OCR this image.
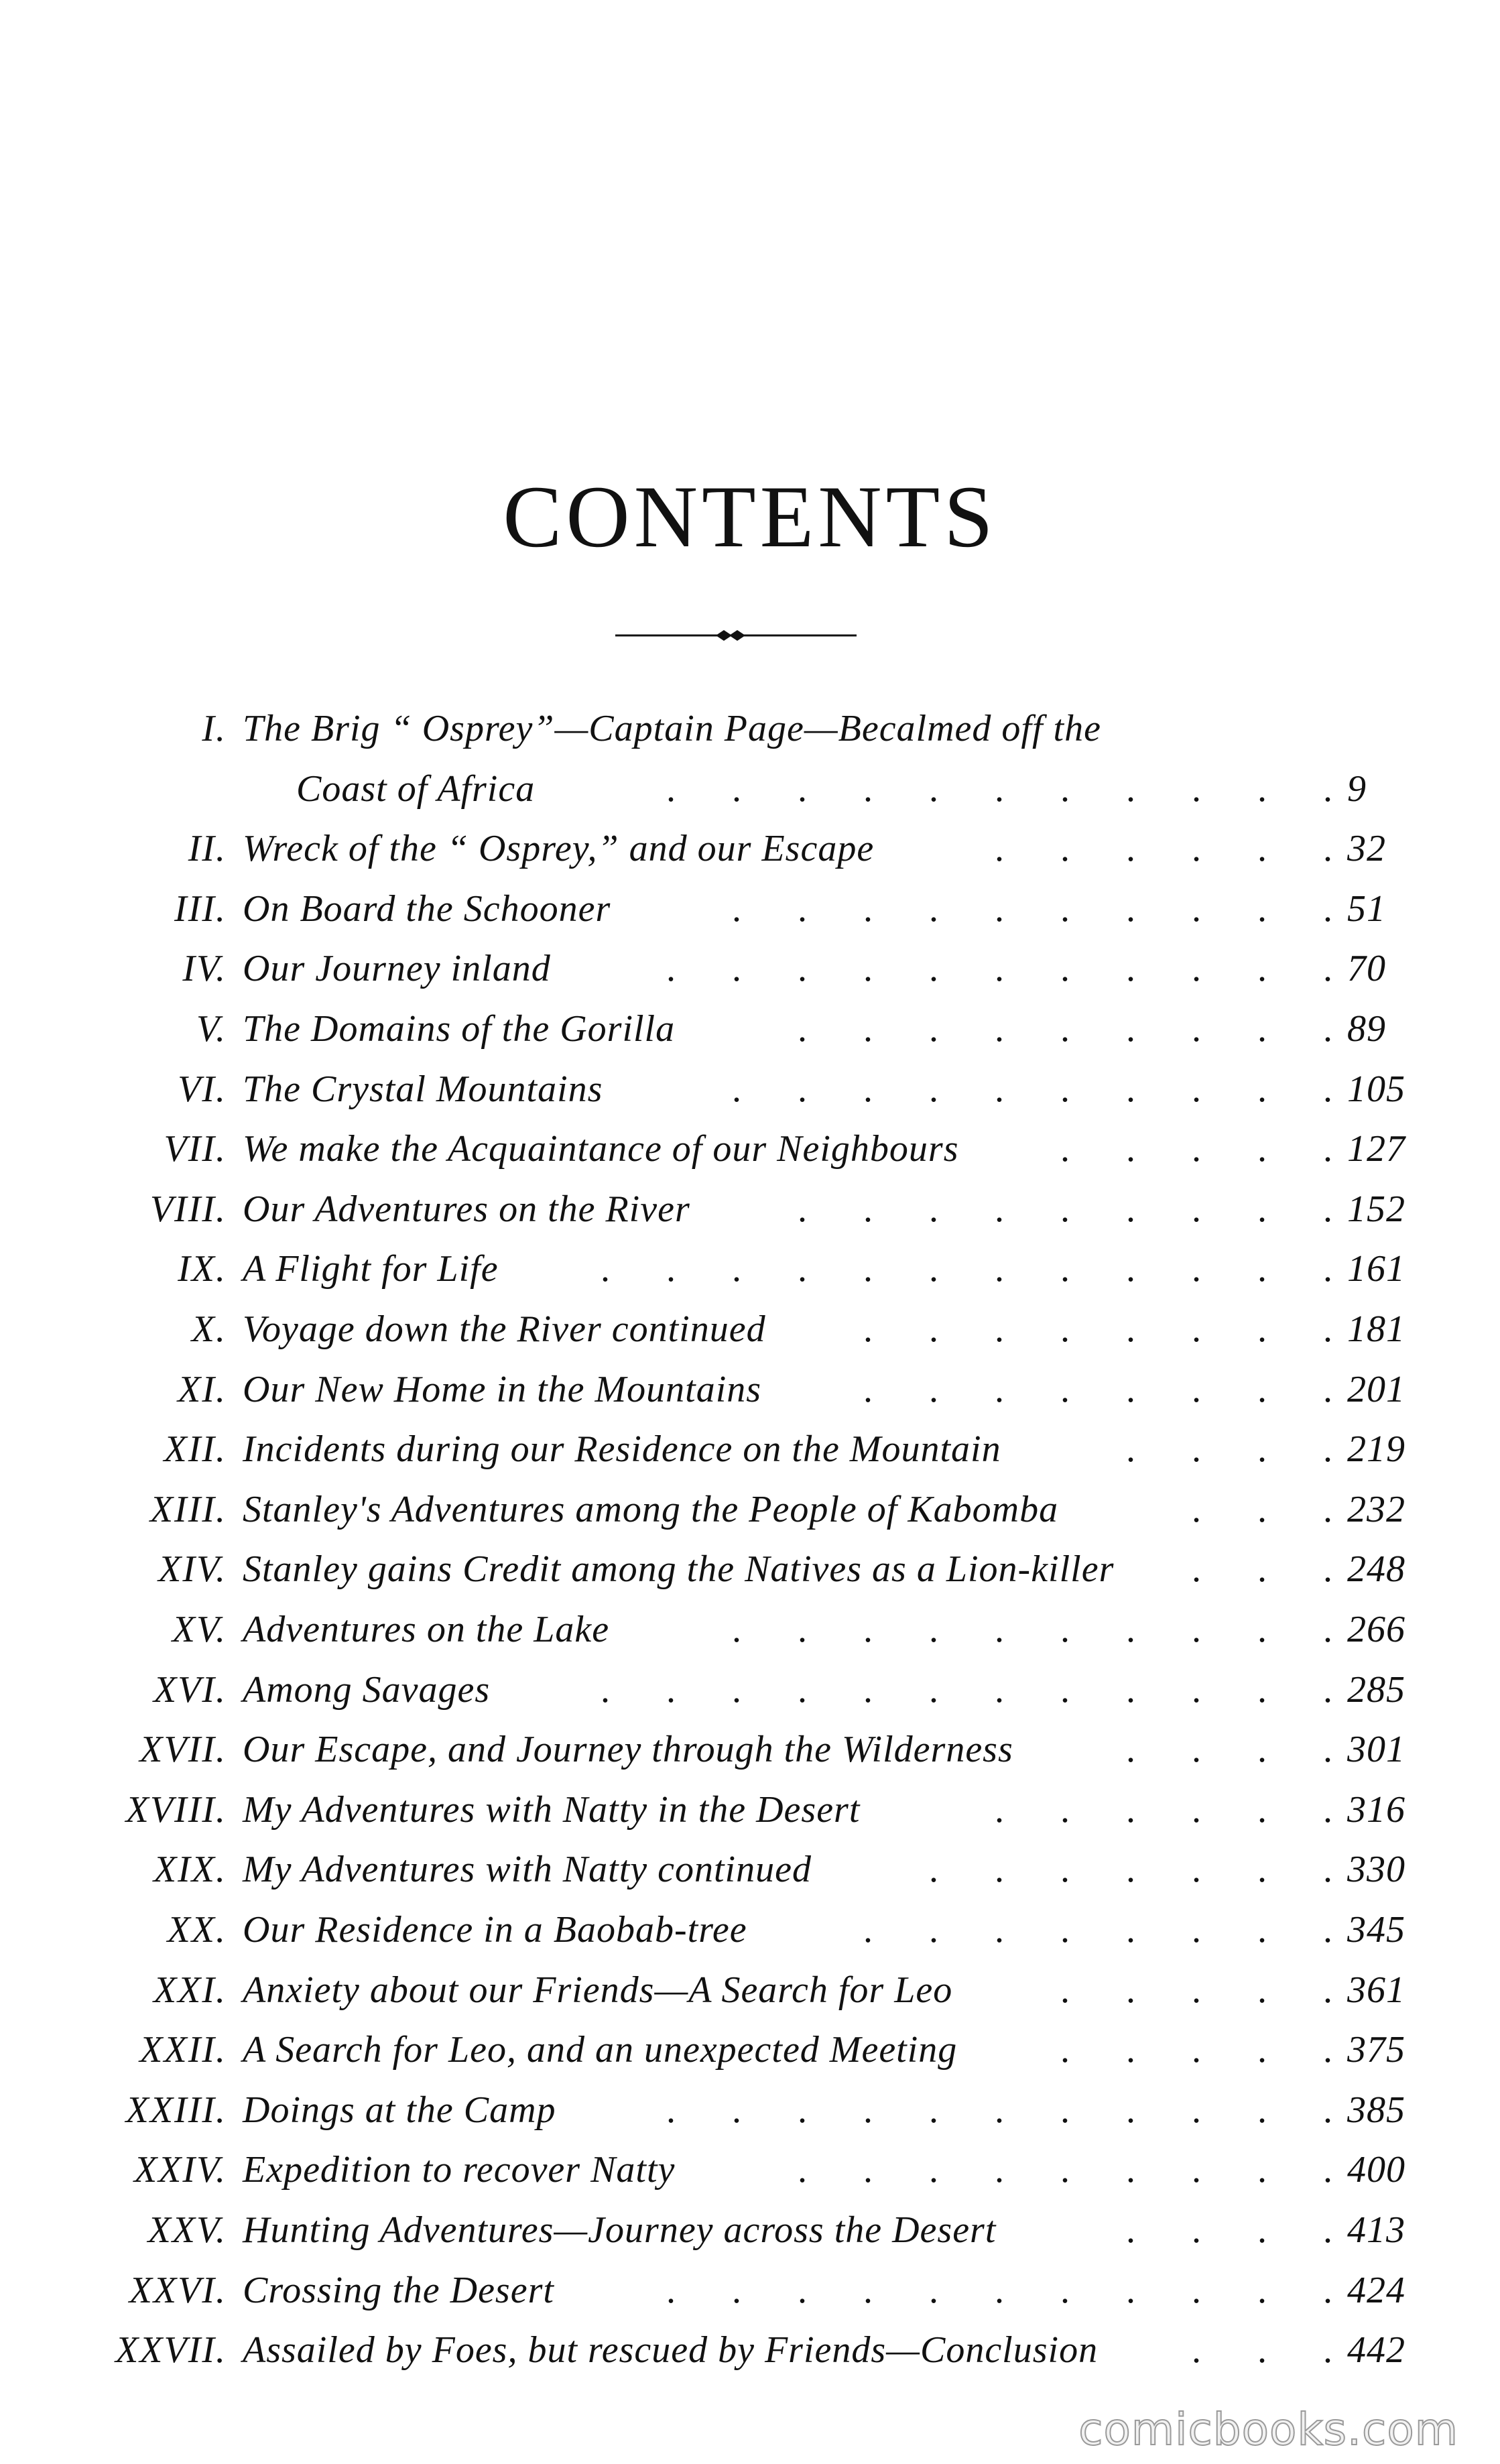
CONTENTS
I. The Brig “ Osprey”—Captain Page—Becalmed off the
Coast of Africa	.  .  .  .  .  .  .  .  .  .  . 9
II. Wreck of the “ Osprey,” and our Escape	.  .  .  .  .  . 32
III. On Board the Schooner	.  .  .  .  .  .  .  .  .  . 51
IV. Our Journey inland	.  .  .  .  .  .  .  .  .  .  . 70
V. The Domains of the Gorilla	.  .  .  .  .  .  .  .  . 89
VI. The Crystal Mountains	.  .  .  .  .  .  .  .  .  . 105
VII. We make the Acquaintance of our Neighbours	.  .  .  .  . 127
VIII. Our Adventures on the River	.  .  .  .  .  .  .  .  . 152
IX. A Flight for Life	.  .  .  .  .  .  .  .  .  .  .  . 161
X. Voyage down the River continued	.  .  .  .  .  .  .  . 181
XI. Our New Home in the Mountains	.  .  .  .  .  .  .  . 201
XII. Incidents during our Residence on the Mountain	.  .  .  . 219
XIII. Stanley's Adventures among the People of Kabomba	.  .  . 232
XIV. Stanley gains Credit among the Natives as a Lion-killer .  .  . 248
XV. Adventures on the Lake	.  .  .  .  .  .  .  .  .  . 266
XVI. Among Savages	.  .  .  .  .  .  .  .  .  .  .  . 285
XVII. Our Escape, and Journey through the Wilderness	.  .  .  . 301
XVIII. My Adventures with Natty in the Desert	.  .  .  .  .  . 316
XIX. My Adventures with Natty continued	.  .  .  .  .  .  . 330
XX. Our Residence in a Baobab-tree	.  .  .  .  .  .  .  . 345
XXI. Anxiety about our Friends—A Search for Leo	.  .  .  .  . 361
XXII. A Search for Leo, and an unexpected Meeting	.  .  .  .  . 375
XXIII. Doings at the Camp	.  .  .  .  .  .  .  .  .  .  . 385
XXIV. Expedition to recover Natty	.  .  .  .  .  .  .  .  . 400
XXV. Hunting Adventures—Journey across the Desert	.  .  .  . 413
XXVI. Crossing the Desert	.  .  .  .  .  .  .  .  .  .  . 424
XXVII. Assailed by Foes, but rescued by Friends—Conclusion .  .  . 442
comicbooks.com
